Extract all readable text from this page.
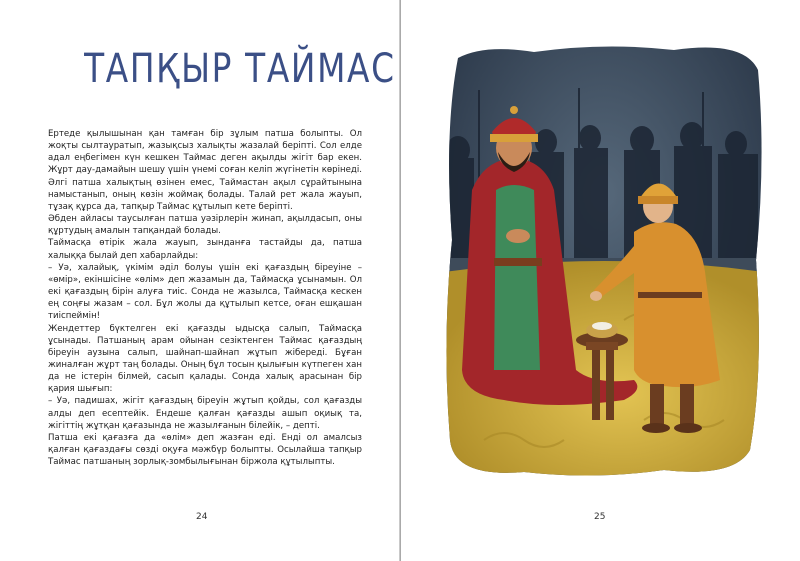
ТАПҚЫР ТАЙМАС

Ертеде қылышынан қан тамған бір зұлым патша болыпты. Ол жоқты сылтауратып, жазықсыз халықты жазалай беріпті. Сол елде адал еңбегімен күн кешкен Таймас деген ақылды жігіт бар екен. Жұрт дау-дамайын шешу үшін үнемі соған келіп жүгінетін көрінеді. Әлгі патша халықтың өзінен емес, Таймастан ақыл сұрайтынына намыстанып, оның көзін жоймақ болады. Талай рет жала жауып, тұзақ құрса да, тапқыр Таймас құтылып кете беріпті.

Әбден айласы таусылған патша уәзірлерін жинап, ақылдасып, оны құртудың амалын тапқандай болады.

Таймасқа өтірік жала жауып, зынданға тастайды да, патша халыққа былай деп хабарлайды:

– Уә, халайық, үкімім әділ болуы үшін екі қағаздың біреуіне – «өмір», екіншісіне «өлім» деп жазамын да, Таймасқа ұсынамын. Ол екі қағаздың бірін алуға тиіс. Сонда не жазылса, Таймасқа кескен ең соңғы жазам – сол. Бұл жолы да құтылып кетсе, оған ешқашан тиіспеймін!

Жендеттер бүктелген екі қағазды ыдысқа салып, Таймасқа ұсынады. Патшаның арам ойынан сезіктенген Таймас қағаздың біреуін аузына салып, шайнап-шайнап жұтып жібереді. Бұған жиналған жұрт таң болады. Оның бұл тосын қылығын күтпеген хан да не істерін білмей, сасып қалады. Сонда халық арасынан бір қария шығып:

– Уә, падишах, жігіт қағаздың біреуін жұтып қойды, сол қағазды алды деп есептейік. Ендеше қалған қағазды ашып оқиық та, жігіттің жұтқан қағазында не жазылғанын білейік, – депті.

Патша екі қағазға да «өлім» деп жазған еді. Енді ол амалсыз қалған қағаздағы сөзді оқуға мәжбүр болыпты. Осылайша тапқыр Таймас патшаның зорлық-зомбылығынан біржола құтылыпты.

24	25
